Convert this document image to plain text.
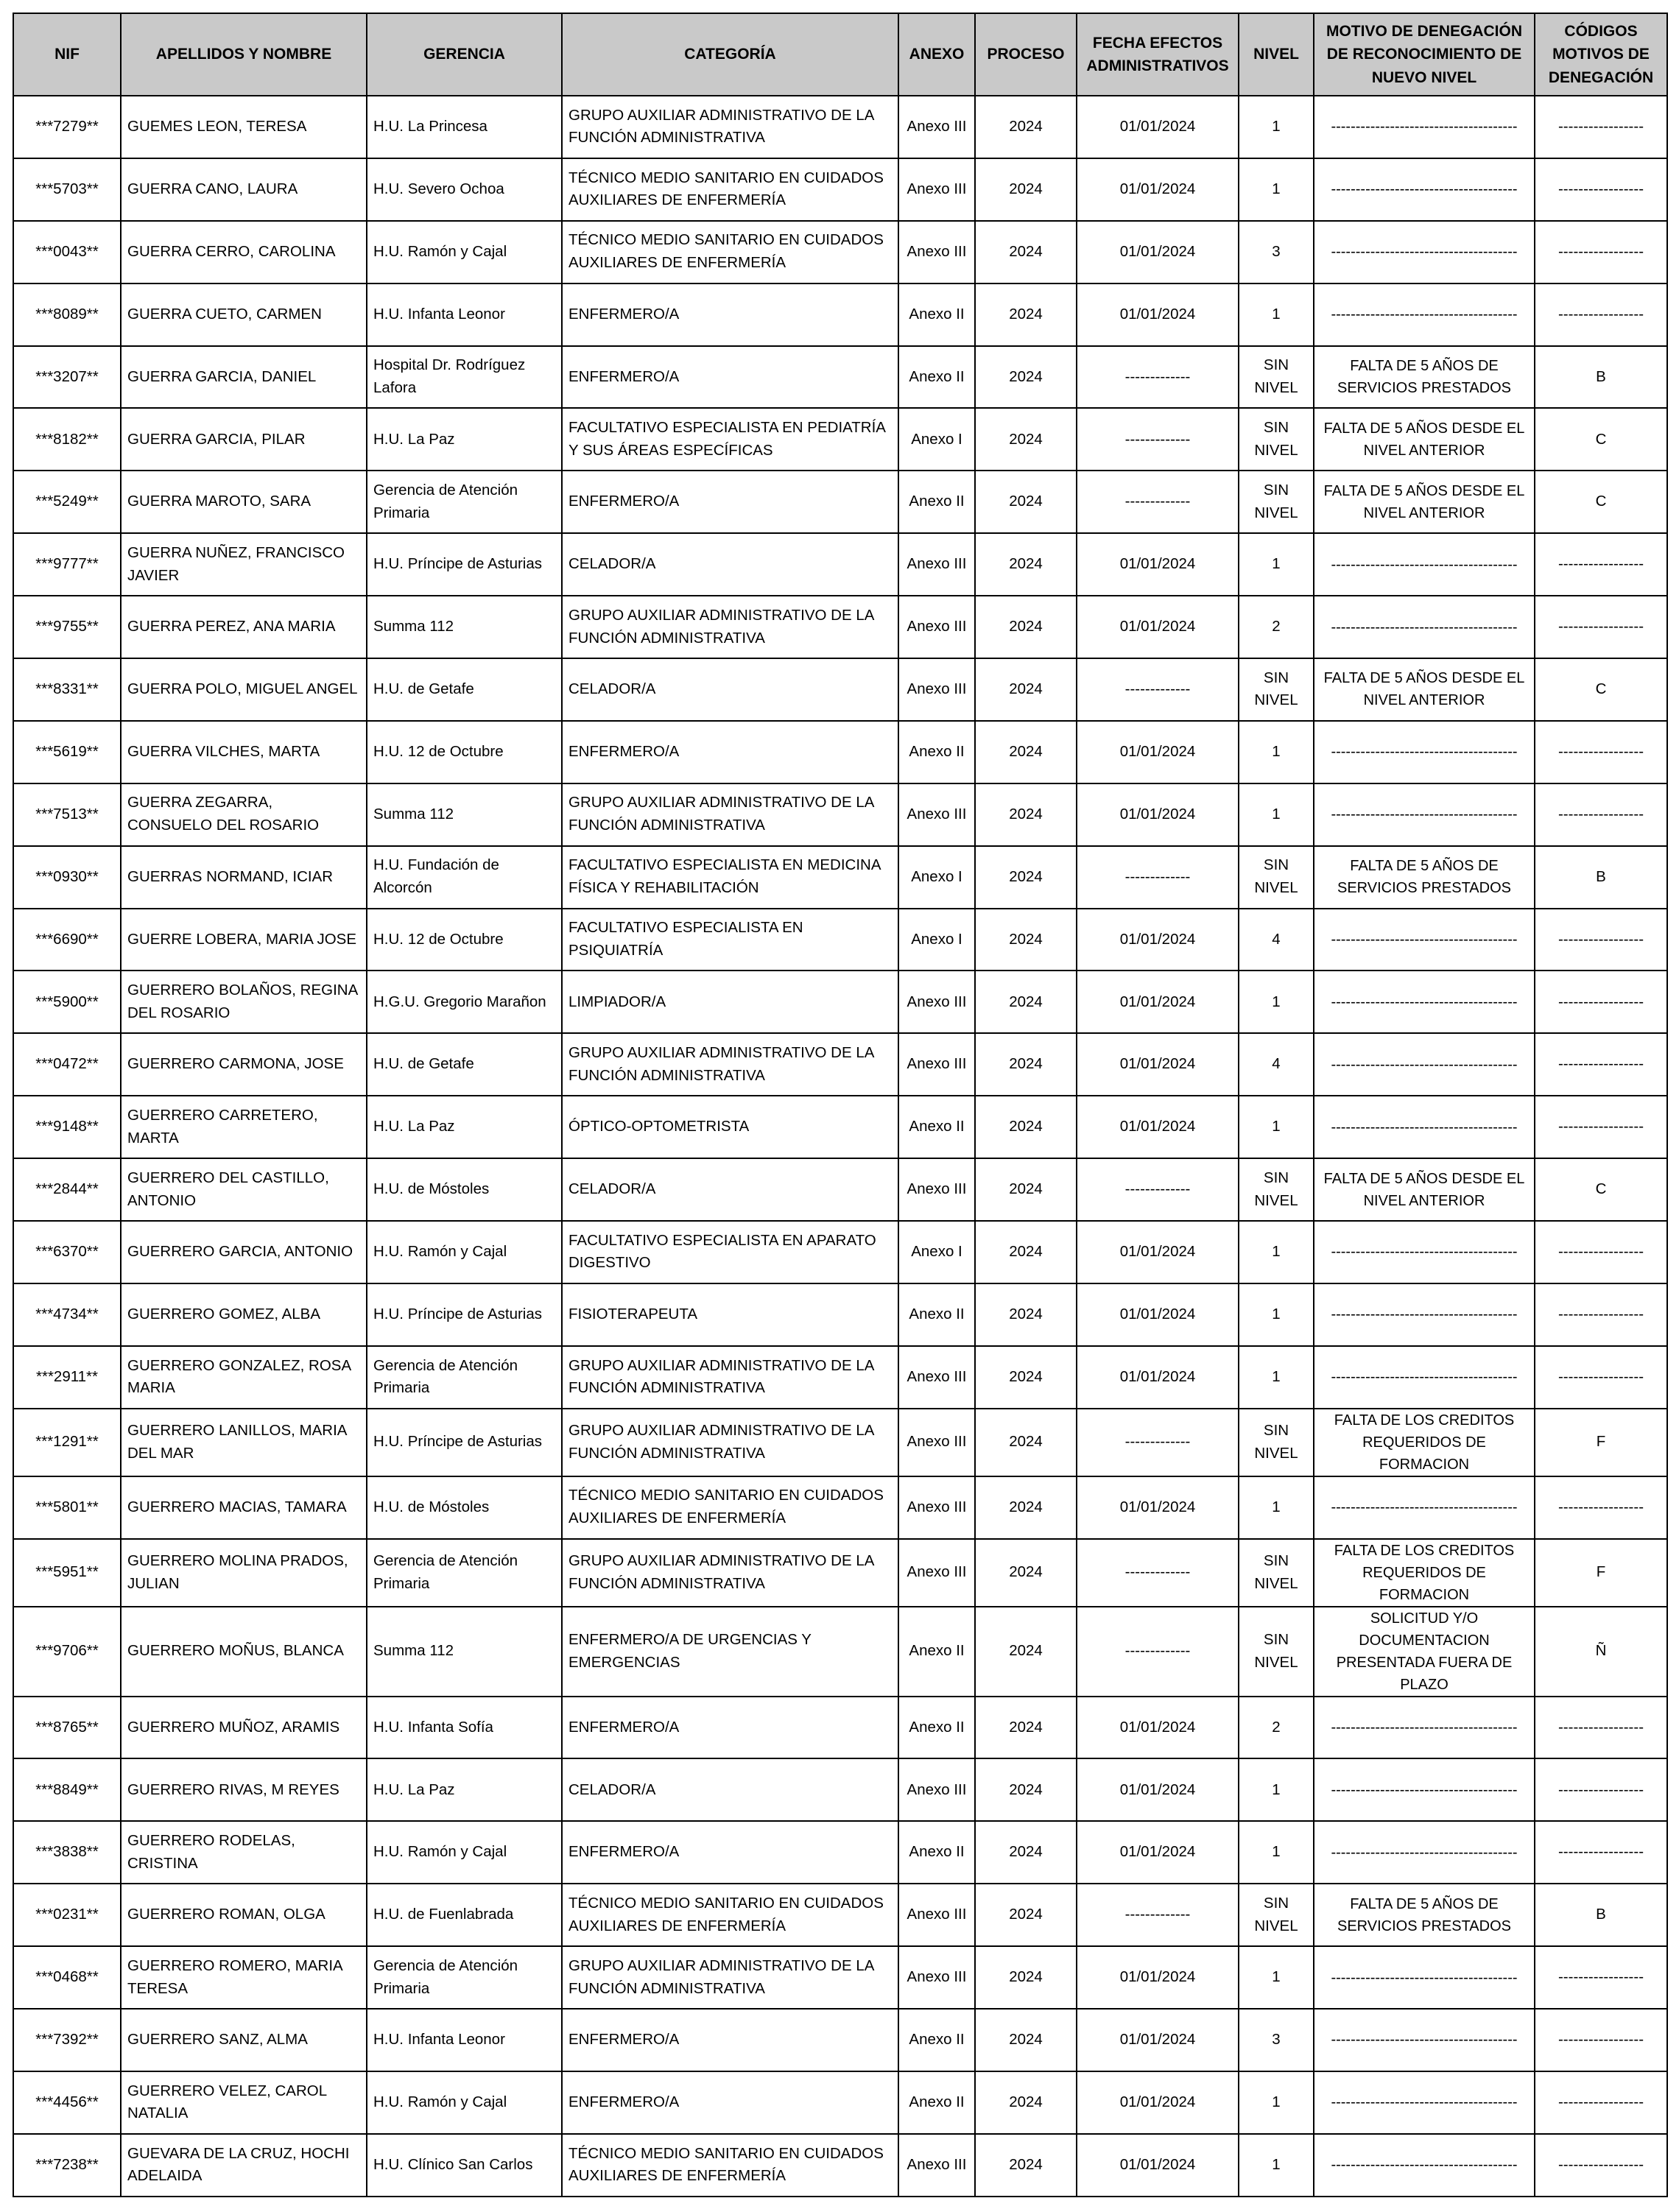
NIF	APELLIDOS Y NOMBRE	GERENCIA	CATEGORÍA	ANEXO	PROCESO	FECHA EFECTOS ADMINISTRATIVOS	NIVEL	MOTIVO DE DENEGACIÓN DE RECONOCIMIENTO DE NUEVO NIVEL	CÓDIGOS MOTIVOS DE DENEGACIÓN
***7279**	GUEMES LEON, TERESA	H.U. La Princesa	GRUPO AUXILIAR ADMINISTRATIVO DE LA FUNCIÓN ADMINISTRATIVA	Anexo III	2024	01/01/2024	1	--------------------------------------	-----------------
***5703**	GUERRA CANO, LAURA	H.U. Severo Ochoa	TÉCNICO MEDIO SANITARIO EN CUIDADOS AUXILIARES DE ENFERMERÍA	Anexo III	2024	01/01/2024	1	--------------------------------------	-----------------
***0043**	GUERRA CERRO, CAROLINA	H.U. Ramón y Cajal	TÉCNICO MEDIO SANITARIO EN CUIDADOS AUXILIARES DE ENFERMERÍA	Anexo III	2024	01/01/2024	3	--------------------------------------	-----------------
***8089**	GUERRA CUETO, CARMEN	H.U. Infanta Leonor	ENFERMERO/A	Anexo II	2024	01/01/2024	1	--------------------------------------	-----------------
***3207**	GUERRA GARCIA, DANIEL	Hospital Dr. Rodríguez Lafora	ENFERMERO/A	Anexo II	2024	-------------	SIN NIVEL	FALTA DE 5 AÑOS DE SERVICIOS PRESTADOS	B
***8182**	GUERRA GARCIA, PILAR	H.U. La Paz	FACULTATIVO ESPECIALISTA EN PEDIATRÍA Y SUS ÁREAS ESPECÍFICAS	Anexo I	2024	-------------	SIN NIVEL	FALTA DE 5 AÑOS DESDE EL NIVEL ANTERIOR	C
***5249**	GUERRA MAROTO, SARA	Gerencia de Atención Primaria	ENFERMERO/A	Anexo II	2024	-------------	SIN NIVEL	FALTA DE 5 AÑOS DESDE EL NIVEL ANTERIOR	C
***9777**	GUERRA NUÑEZ, FRANCISCO JAVIER	H.U. Príncipe de Asturias	CELADOR/A	Anexo III	2024	01/01/2024	1	--------------------------------------	-----------------
***9755**	GUERRA PEREZ, ANA MARIA	Summa 112	GRUPO AUXILIAR ADMINISTRATIVO DE LA FUNCIÓN ADMINISTRATIVA	Anexo III	2024	01/01/2024	2	--------------------------------------	-----------------
***8331**	GUERRA POLO, MIGUEL ANGEL	H.U. de Getafe	CELADOR/A	Anexo III	2024	-------------	SIN NIVEL	FALTA DE 5 AÑOS DESDE EL NIVEL ANTERIOR	C
***5619**	GUERRA VILCHES, MARTA	H.U. 12 de Octubre	ENFERMERO/A	Anexo II	2024	01/01/2024	1	--------------------------------------	-----------------
***7513**	GUERRA ZEGARRA, CONSUELO DEL ROSARIO	Summa 112	GRUPO AUXILIAR ADMINISTRATIVO DE LA FUNCIÓN ADMINISTRATIVA	Anexo III	2024	01/01/2024	1	--------------------------------------	-----------------
***0930**	GUERRAS NORMAND, ICIAR	H.U. Fundación de Alcorcón	FACULTATIVO ESPECIALISTA EN MEDICINA FÍSICA Y REHABILITACIÓN	Anexo I	2024	-------------	SIN NIVEL	FALTA DE 5 AÑOS DE SERVICIOS PRESTADOS	B
***6690**	GUERRE LOBERA, MARIA JOSE	H.U. 12 de Octubre	FACULTATIVO ESPECIALISTA EN PSIQUIATRÍA	Anexo I	2024	01/01/2024	4	--------------------------------------	-----------------
***5900**	GUERRERO BOLAÑOS, REGINA DEL ROSARIO	H.G.U. Gregorio Marañon	LIMPIADOR/A	Anexo III	2024	01/01/2024	1	--------------------------------------	-----------------
***0472**	GUERRERO CARMONA, JOSE	H.U. de Getafe	GRUPO AUXILIAR ADMINISTRATIVO DE LA FUNCIÓN ADMINISTRATIVA	Anexo III	2024	01/01/2024	4	--------------------------------------	-----------------
***9148**	GUERRERO CARRETERO, MARTA	H.U. La Paz	ÓPTICO-OPTOMETRISTA	Anexo II	2024	01/01/2024	1	--------------------------------------	-----------------
***2844**	GUERRERO DEL CASTILLO, ANTONIO	H.U. de Móstoles	CELADOR/A	Anexo III	2024	-------------	SIN NIVEL	FALTA DE 5 AÑOS DESDE EL NIVEL ANTERIOR	C
***6370**	GUERRERO GARCIA, ANTONIO	H.U. Ramón y Cajal	FACULTATIVO ESPECIALISTA EN APARATO DIGESTIVO	Anexo I	2024	01/01/2024	1	--------------------------------------	-----------------
***4734**	GUERRERO GOMEZ, ALBA	H.U. Príncipe de Asturias	FISIOTERAPEUTA	Anexo II	2024	01/01/2024	1	--------------------------------------	-----------------
***2911**	GUERRERO GONZALEZ, ROSA MARIA	Gerencia de Atención Primaria	GRUPO AUXILIAR ADMINISTRATIVO DE LA FUNCIÓN ADMINISTRATIVA	Anexo III	2024	01/01/2024	1	--------------------------------------	-----------------
***1291**	GUERRERO LANILLOS, MARIA DEL MAR	H.U. Príncipe de Asturias	GRUPO AUXILIAR ADMINISTRATIVO DE LA FUNCIÓN ADMINISTRATIVA	Anexo III	2024	-------------	SIN NIVEL	FALTA DE LOS CREDITOS REQUERIDOS DE FORMACION	F
***5801**	GUERRERO MACIAS, TAMARA	H.U. de Móstoles	TÉCNICO MEDIO SANITARIO EN CUIDADOS AUXILIARES DE ENFERMERÍA	Anexo III	2024	01/01/2024	1	--------------------------------------	-----------------
***5951**	GUERRERO MOLINA PRADOS, JULIAN	Gerencia de Atención Primaria	GRUPO AUXILIAR ADMINISTRATIVO DE LA FUNCIÓN ADMINISTRATIVA	Anexo III	2024	-------------	SIN NIVEL	FALTA DE LOS CREDITOS REQUERIDOS DE FORMACION	F
***9706**	GUERRERO MOÑUS, BLANCA	Summa 112	ENFERMERO/A DE URGENCIAS Y EMERGENCIAS	Anexo II	2024	-------------	SIN NIVEL	SOLICITUD Y/O DOCUMENTACION PRESENTADA FUERA DE PLAZO	Ñ
***8765**	GUERRERO MUÑOZ, ARAMIS	H.U. Infanta Sofía	ENFERMERO/A	Anexo II	2024	01/01/2024	2	--------------------------------------	-----------------
***8849**	GUERRERO RIVAS, M REYES	H.U. La Paz	CELADOR/A	Anexo III	2024	01/01/2024	1	--------------------------------------	-----------------
***3838**	GUERRERO RODELAS, CRISTINA	H.U. Ramón y Cajal	ENFERMERO/A	Anexo II	2024	01/01/2024	1	--------------------------------------	-----------------
***0231**	GUERRERO ROMAN, OLGA	H.U. de Fuenlabrada	TÉCNICO MEDIO SANITARIO EN CUIDADOS AUXILIARES DE ENFERMERÍA	Anexo III	2024	-------------	SIN NIVEL	FALTA DE 5 AÑOS DE SERVICIOS PRESTADOS	B
***0468**	GUERRERO ROMERO, MARIA TERESA	Gerencia de Atención Primaria	GRUPO AUXILIAR ADMINISTRATIVO DE LA FUNCIÓN ADMINISTRATIVA	Anexo III	2024	01/01/2024	1	--------------------------------------	-----------------
***7392**	GUERRERO SANZ, ALMA	H.U. Infanta Leonor	ENFERMERO/A	Anexo II	2024	01/01/2024	3	--------------------------------------	-----------------
***4456**	GUERRERO VELEZ, CAROL NATALIA	H.U. Ramón y Cajal	ENFERMERO/A	Anexo II	2024	01/01/2024	1	--------------------------------------	-----------------
***7238**	GUEVARA DE LA CRUZ, HOCHI ADELAIDA	H.U. Clínico San Carlos	TÉCNICO MEDIO SANITARIO EN CUIDADOS AUXILIARES DE ENFERMERÍA	Anexo III	2024	01/01/2024	1	--------------------------------------	-----------------
